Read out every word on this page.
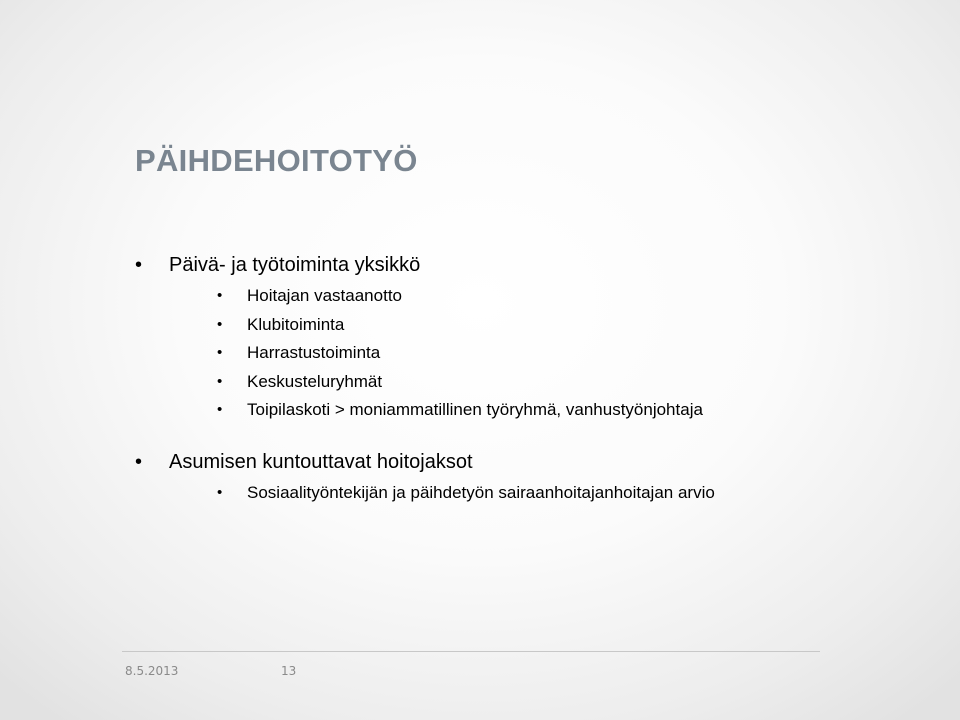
PÄIHDEHOITOTYÖ
• Päivä- ja työtoiminta yksikkö
• Hoitajan vastaanotto
• Klubitoiminta
• Harrastustoiminta
• Keskusteluryhmät
• Toipilaskoti > moniammatillinen työryhmä, vanhustyönjohtaja
• Asumisen kuntouttavat hoitojaksot
• Sosiaalityöntekijän ja päihdetyön sairaanhoitajanhoitajan arvio
8.5.2013	13
